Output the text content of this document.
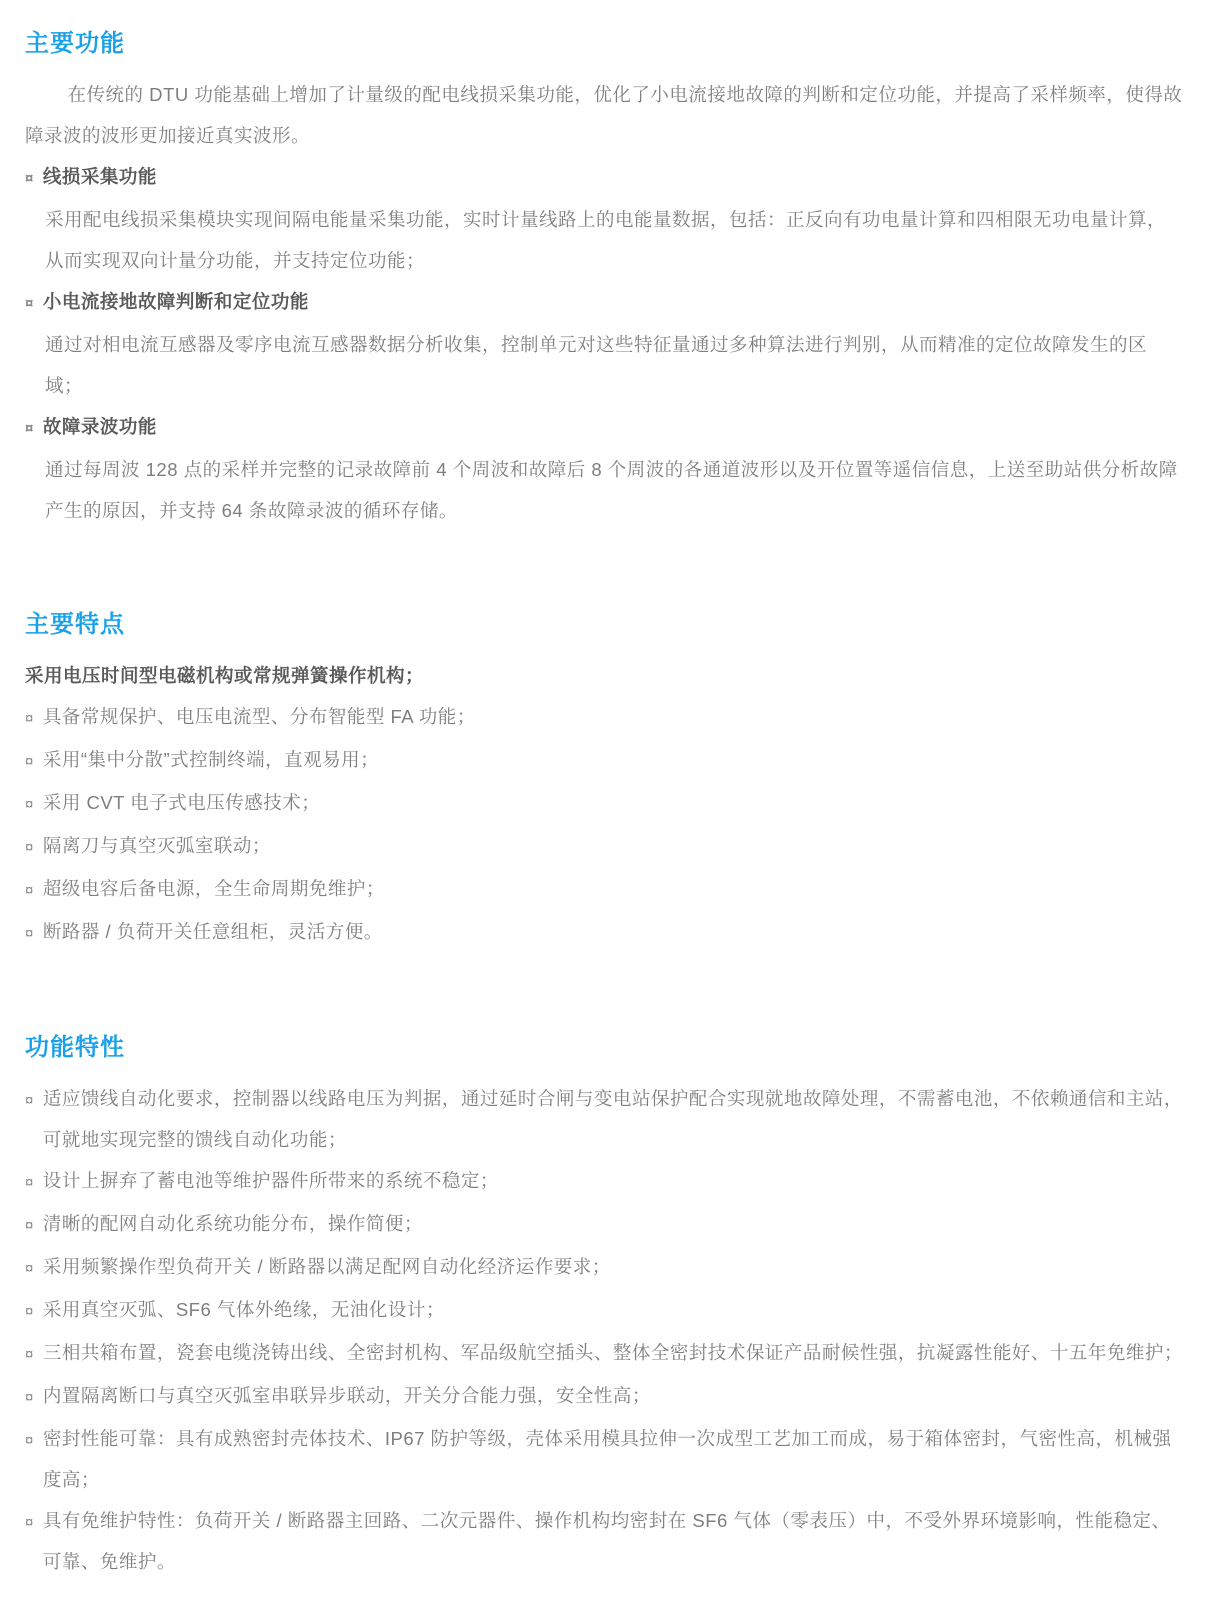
主要功能

在传统的 DTU 功能基础上增加了计量级的配电线损采集功能，优化了小电流接地故障的判断和定位功能，并提高了采样频率，使得故障录波的波形更加接近真实波形。

¤ 线损采集功能

采用配电线损采集模块实现间隔电能量采集功能，实时计量线路上的电能量数据，包括：正反向有功电量计算和四相限无功电量计算，从而实现双向计量分功能，并支持定位功能；

¤ 小电流接地故障判断和定位功能

通过对相电流互感器及零序电流互感器数据分析收集，控制单元对这些特征量通过多种算法进行判别，从而精准的定位故障发生的区域；

¤ 故障录波功能

通过每周波 128 点的采样并完整的记录故障前 4 个周波和故障后 8 个周波的各通道波形以及开位置等遥信信息，上送至助站供分析故障产生的原因，并支持 64 条故障录波的循环存储。

主要特点

采用电压时间型电磁机构或常规弹簧操作机构；

¤ 具备常规保护、电压电流型、分布智能型 FA 功能；
¤ 采用“集中分散”式控制终端，直观易用；
¤ 采用 CVT 电子式电压传感技术；
¤ 隔离刀与真空灭弧室联动；
¤ 超级电容后备电源，全生命周期免维护；
¤ 断路器 / 负荷开关任意组柜，灵活方便。
功能特性
¤ 适应馈线自动化要求，控制器以线路电压为判据，通过延时合闸与变电站保护配合实现就地故障处理，不需蓄电池，不依赖通信和主站，可就地实现完整的馈线自动化功能；
¤ 设计上摒弃了蓄电池等维护器件所带来的系统不稳定；
¤ 清晰的配网自动化系统功能分布，操作简便；
¤ 采用频繁操作型负荷开关 / 断路器以满足配网自动化经济运作要求；
¤ 采用真空灭弧、SF6 气体外绝缘，无油化设计；
¤ 三相共箱布置，瓷套电缆浇铸出线、全密封机构、军品级航空插头、整体全密封技术保证产品耐候性强，抗凝露性能好、十五年免维护；
¤ 内置隔离断口与真空灭弧室串联异步联动，开关分合能力强，安全性高；
¤ 密封性能可靠：具有成熟密封壳体技术、IP67 防护等级，壳体采用模具拉伸一次成型工艺加工而成，易于箱体密封，气密性高，机械强度高；
¤ 具有免维护特性：负荷开关 / 断路器主回路、二次元器件、操作机构均密封在 SF6 气体（零表压）中，不受外界环境影响，性能稳定、可靠、免维护。
